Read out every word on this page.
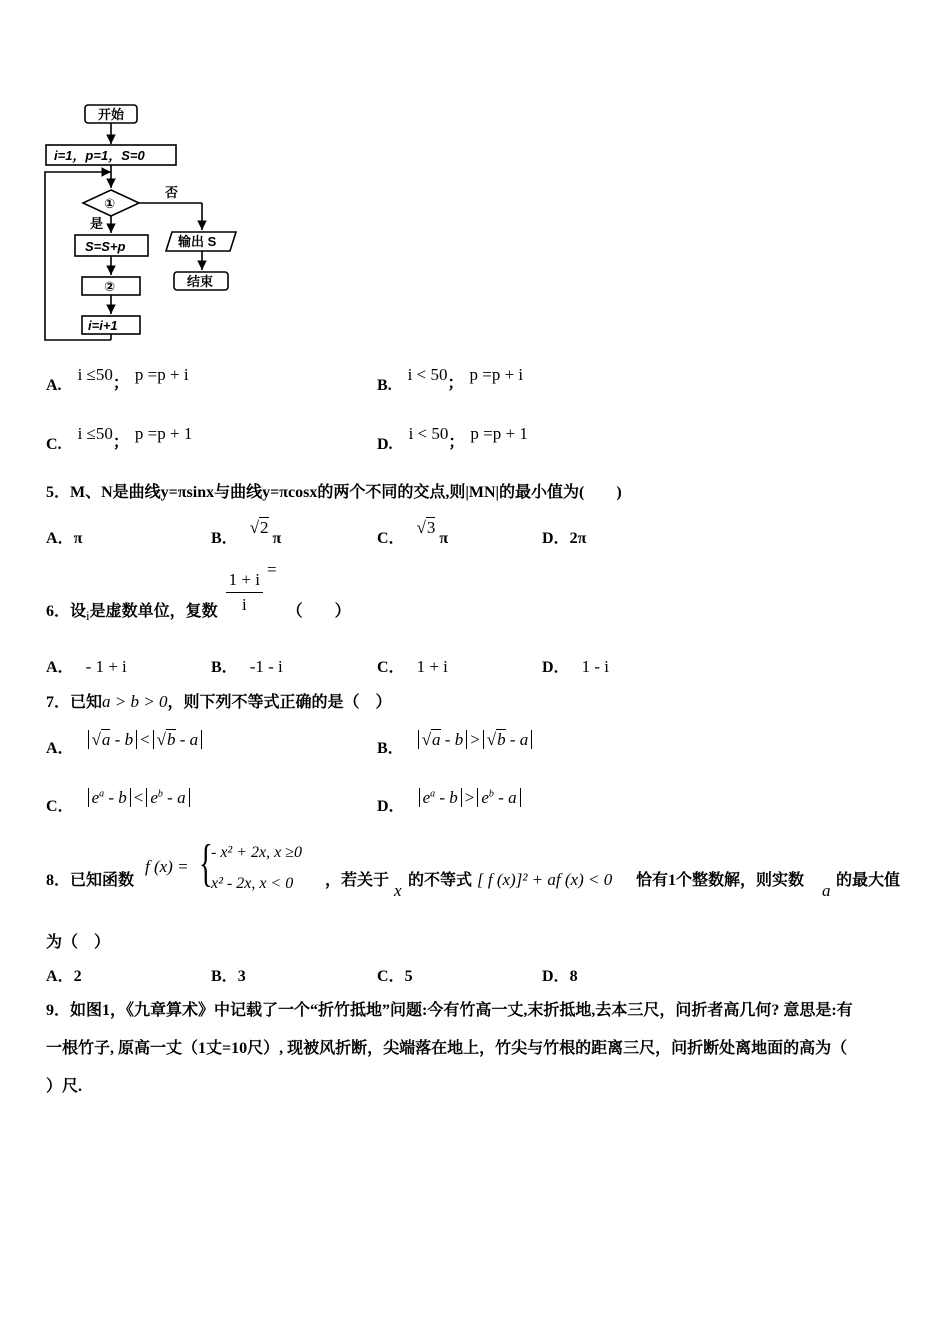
开始
i=1，p=1，S=0
①
否
是
S=S+p
②
i=i+1
输出 S
结束
A. i ≤50； p =p + i
B. i < 50； p =p + i
C. i ≤50； p =p + 1
D. i < 50； p =p + 1
5．M、N是曲线y=πsinx与曲线y=πcosx的两个不同的交点,则|MN|的最小值为(　　)
A．π	B．√2π	C．√3π	D．2π
6．设$_i$是虚数单位，复数 $\frac{1 + i}{i}$
= （　　）
A． - 1 + i	B． -1 - i	C． 1 + i	D． 1 - i
7．已知a > b > 0，则下列不等式正确的是（　）
A． √a - b < √b - a	B． √a - b > √b - a
C． $e^a - b < e^b - a$	D． $e^a - b > e^b - a$
8．已知函数
f (x) = {
- x² + 2x, x ≥0
x² - 2x, x < 0 ，若关于
x
的不等式 [ f (x)]² + af (x) < 0 恰有1个整数解，则实数
a
的最大值
为（　）
A．2	B．3	C．5	D．8
9．如图1，《九章算术》中记载了一个“折竹抵地”问题:今有竹高一丈,末折抵地,去本三尺，问折者高几何? 意思是:有
一根竹子, 原高一丈（1丈=10尺）, 现被风折断，尖端落在地上，竹尖与竹根的距离三尺，问折断处离地面的高为（
）尺.
